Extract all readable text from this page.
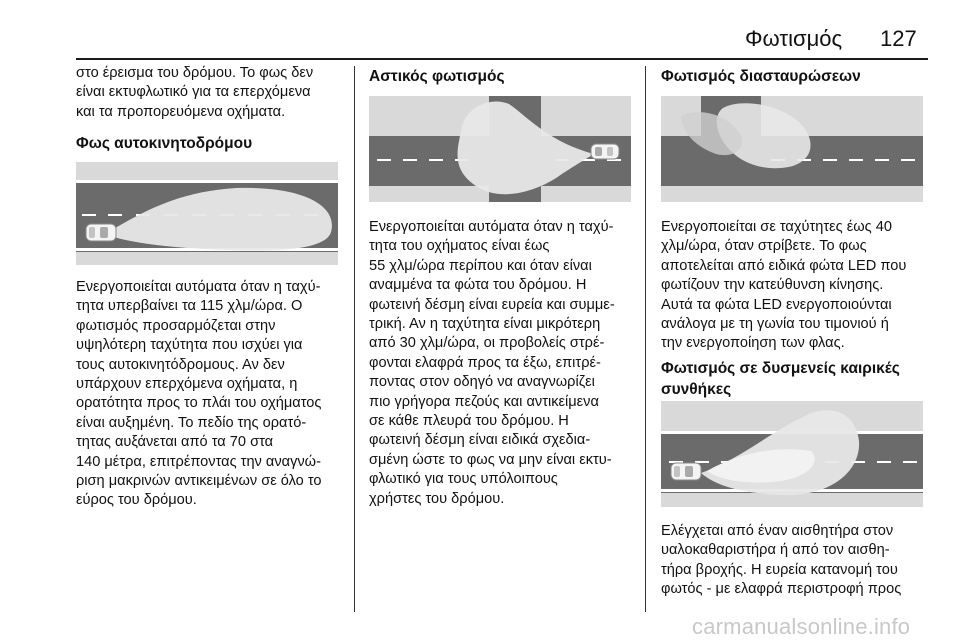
Φωτισμός 127

στο έρεισμα του δρόμου. Το φως δεν

είναι εκτυφλωτικό για τα επερχόμενα

και τα προπορευόμενα οχήματα.

Φως αυτοκινητοδρόμου

Ενεργοποιείται αυτόματα όταν η ταχύ‐

τητα υπερβαίνει τα 115 χλμ/ώρα. Ο

φωτισμός προσαρμόζεται στην

υψηλότερη ταχύτητα που ισχύει για

τους αυτοκινητόδρομους. Αν δεν

υπάρχουν επερχόμενα οχήματα, η

ορατότητα προς το πλάι του οχήματος

είναι αυξημένη. Το πεδίο της ορατό‐

τητας αυξάνεται από τα 70 στα

140 μέτρα, επιτρέποντας την αναγνώ‐

ριση μακρινών αντικειμένων σε όλο το

εύρος του δρόμου.

Αστικός φωτισμός

Ενεργοποιείται αυτόματα όταν η ταχύ‐

τητα του οχήματος είναι έως

55 χλμ/ώρα περίπου και όταν είναι

αναμμένα τα φώτα του δρόμου. Η

φωτεινή δέσμη είναι ευρεία και συμμε‐

τρική. Αν η ταχύτητα είναι μικρότερη

από 30 χλμ/ώρα, οι προβολείς στρέ‐

φονται ελαφρά προς τα έξω, επιτρέ‐

ποντας στον οδηγό να αναγνωρίζει

πιο γρήγορα πεζούς και αντικείμενα

σε κάθε πλευρά του δρόμου. Η

φωτεινή δέσμη είναι ειδικά σχεδια‐

σμένη ώστε το φως να μην είναι εκτυ‐

φλωτικό για τους υπόλοιπους

χρήστες του δρόμου.

Φωτισμός διασταυρώσεων

Ενεργοποιείται σε ταχύτητες έως 40

χλμ/ώρα, όταν στρίβετε. Το φως

αποτελείται από ειδικά φώτα LED που

φωτίζουν την κατεύθυνση κίνησης.

Αυτά τα φώτα LED ενεργοποιούνται

ανάλογα με τη γωνία του τιμονιού ή

την ενεργοποίηση των φλας.

Φωτισμός σε δυσμενείς καιρικές
συνθήκες

Ελέγχεται από έναν αισθητήρα στον

υαλοκαθαριστήρα ή από τον αισθη‐

τήρα βροχής. Η ευρεία κατανομή του

φωτός - με ελαφρά περιστροφή προς

carmanualsonline.info
